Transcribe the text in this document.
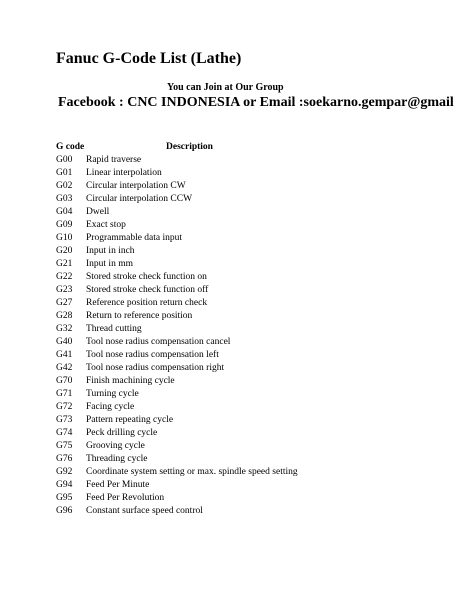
Fanuc G-Code List (Lathe)
You can Join at Our Group
Facebook : CNC INDONESIA or Email :soekarno.gempar@gmail
G code	Description
G00 Rapid traverse
G01 Linear interpolation
G02 Circular interpolation CW
G03 Circular interpolation CCW
G04 Dwell
G09 Exact stop
G10 Programmable data input
G20 Input in inch
G21 Input in mm
G22 Stored stroke check function on
G23 Stored stroke check function off
G27 Reference position return check
G28 Return to reference position
G32 Thread cutting
G40 Tool nose radius compensation cancel
G41 Tool nose radius compensation left
G42 Tool nose radius compensation right
G70 Finish machining cycle
G71 Turning cycle
G72 Facing cycle
G73 Pattern repeating cycle
G74 Peck drilling cycle
G75 Grooving cycle
G76 Threading cycle
G92 Coordinate system setting or max. spindle speed setting
G94 Feed Per Minute
G95 Feed Per Revolution
G96 Constant surface speed control
